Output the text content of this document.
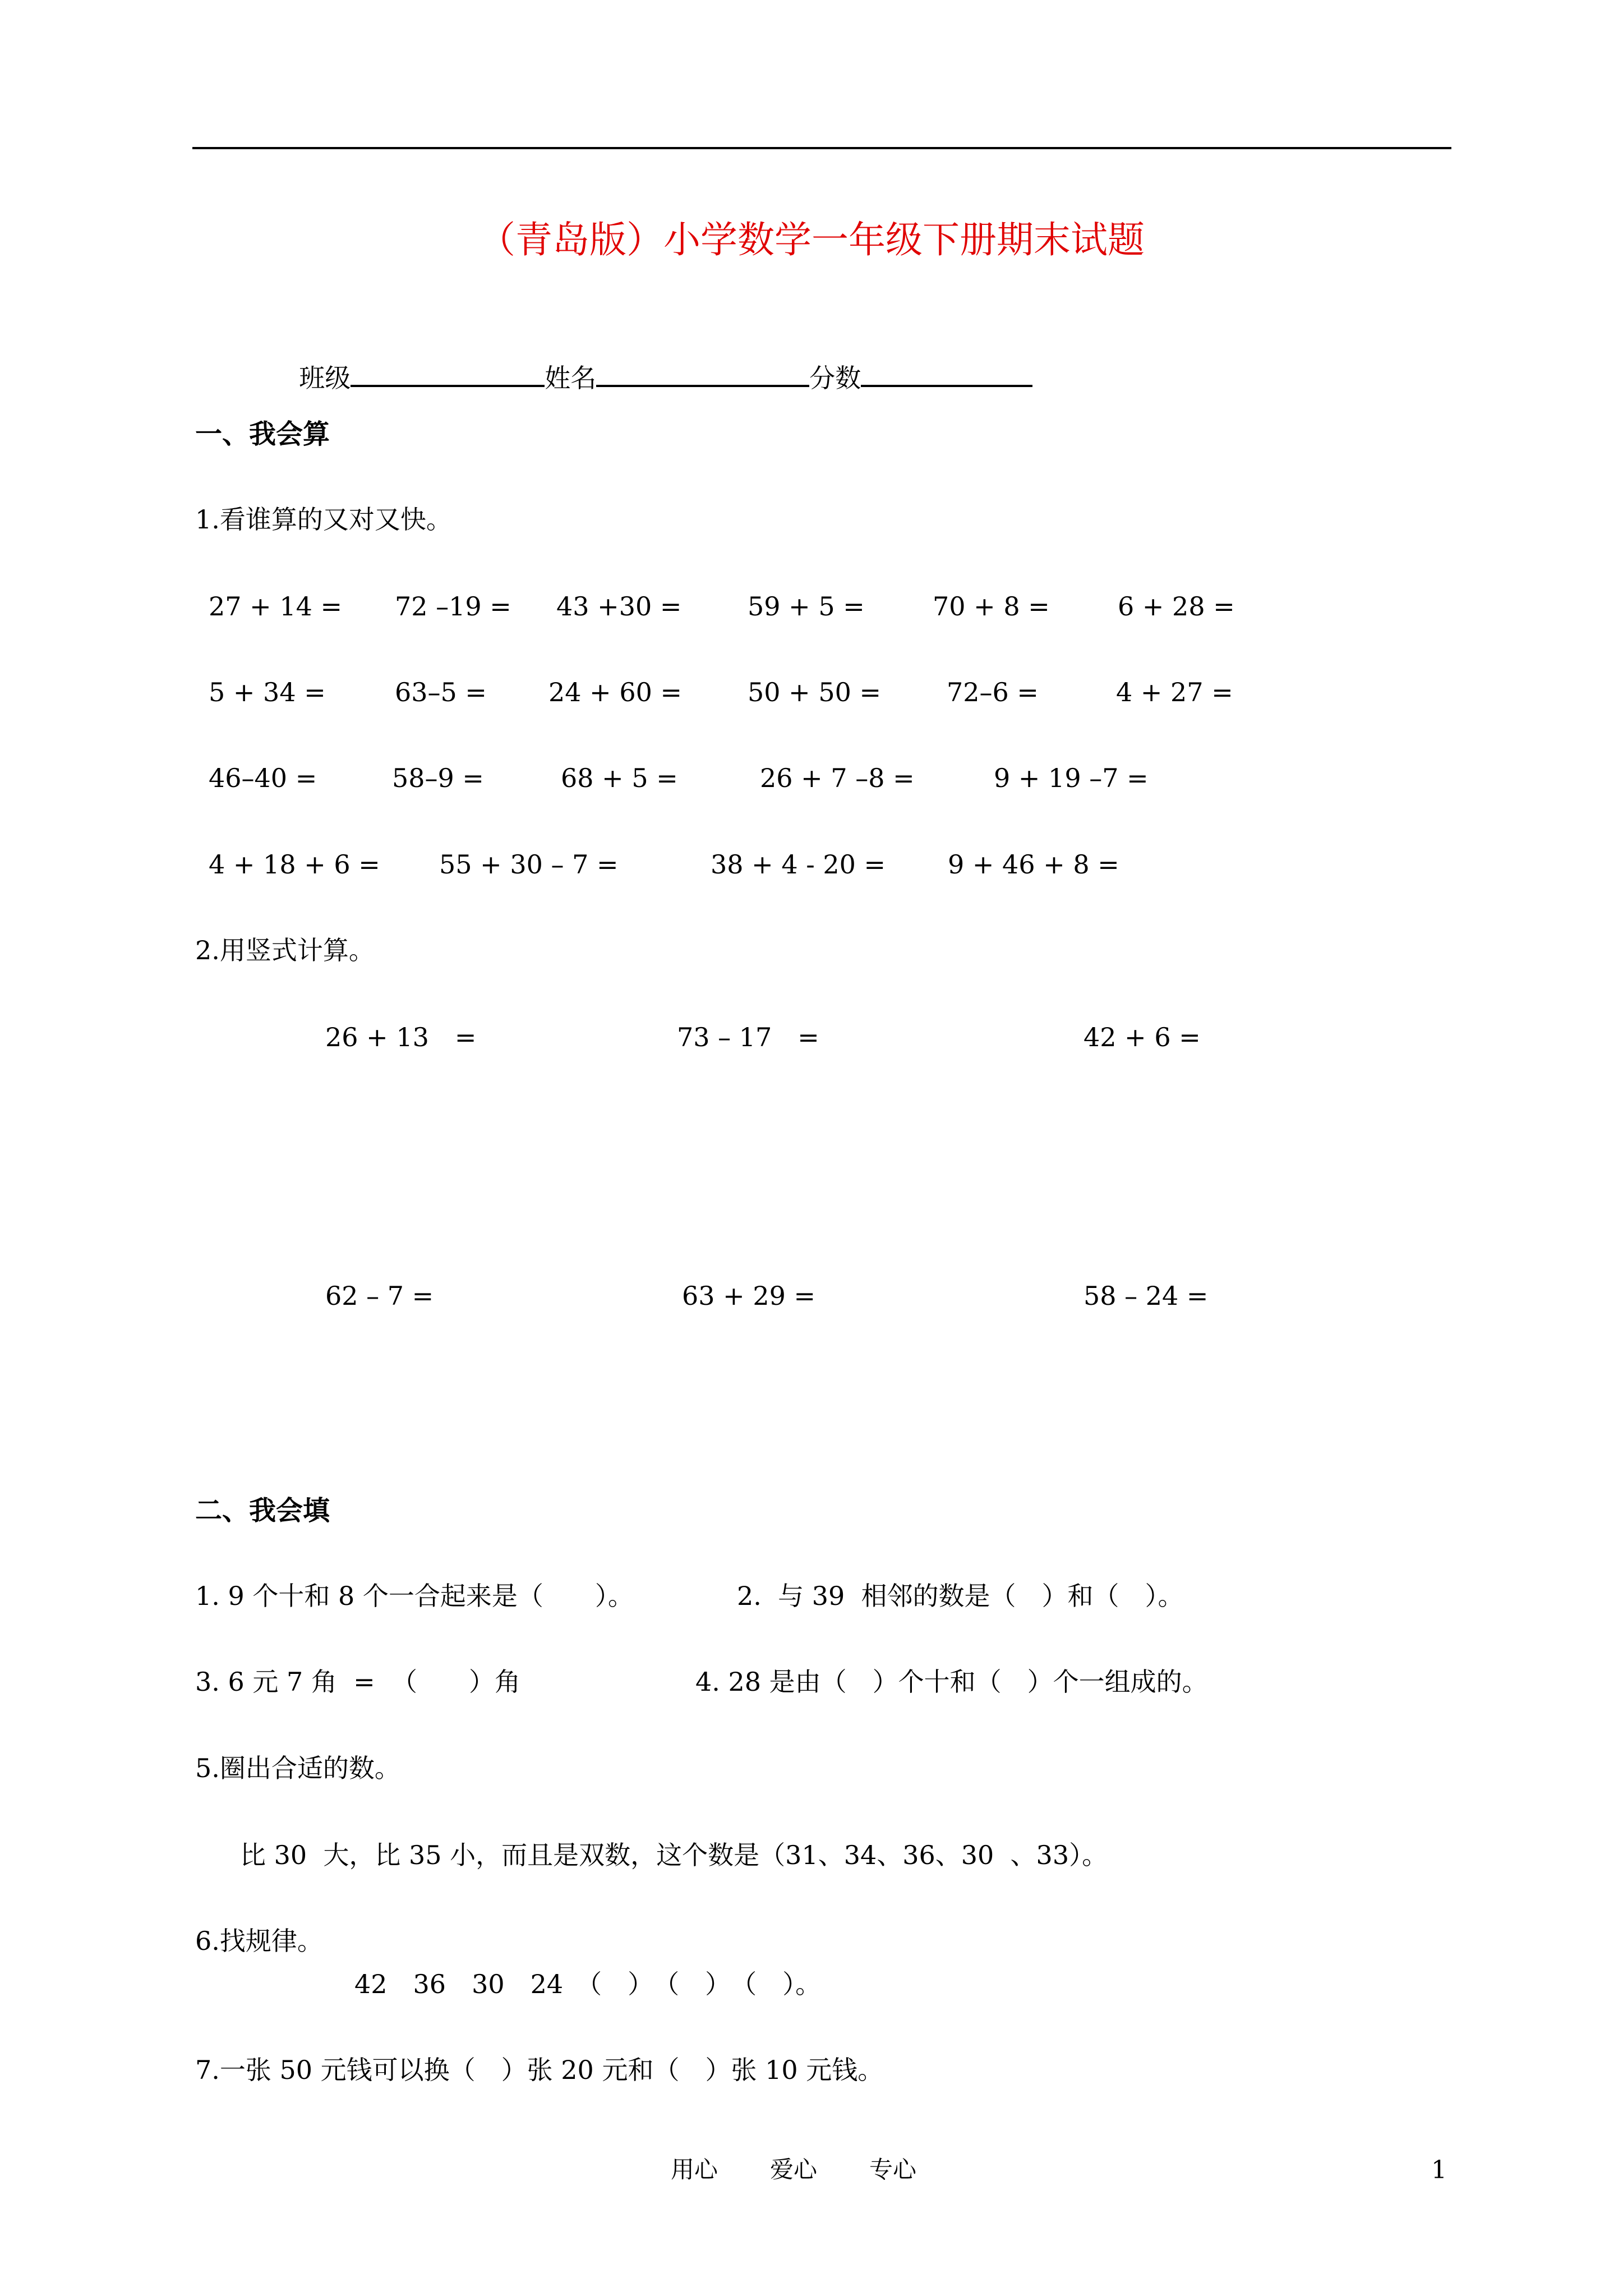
（青岛版）小学数学一年级下册期末试题

班级	姓名	分数

一、我会算
1.看谁算的又对又快。
27 + 14 = 72 –19 = 43 +30 =	59 + 5 =	70 + 8 =	6 + 28 =
5 + 34 =	63–5 = 24 + 60 =	50 + 50 =	72–6 =	4 + 27 =
46–40 =	58–9 =	68 + 5 =	26 + 7 –8 =	9 + 19 –7 =
4 + 18 + 6 = 55 + 30 – 7 =	38 + 4 - 20 = 9 + 46 + 8 =
2.用竖式计算。
26 + 13　=	73 – 17　=	42 + 6 =
62 – 7 =	63 + 29 =	58 – 24 =
二、我会填
1. 9 个十和 8 个一合起来是（　　）。	2.  与 39  相邻的数是（　）和（　）。
3. 6 元 7 角  =  （　　）角	4. 28 是由（　）个十和（　）个一组成的。
5.圈出合适的数。
比 30  大，比 35 小，而且是双数，这个数是（31、34、36、30  、33）。
6.找规律。
42　36　30　24　（　）　（　）　（　）。
7.一张 50 元钱可以换（　）张 20 元和（　）张 10 元钱。
用心 爱心 专心	1
